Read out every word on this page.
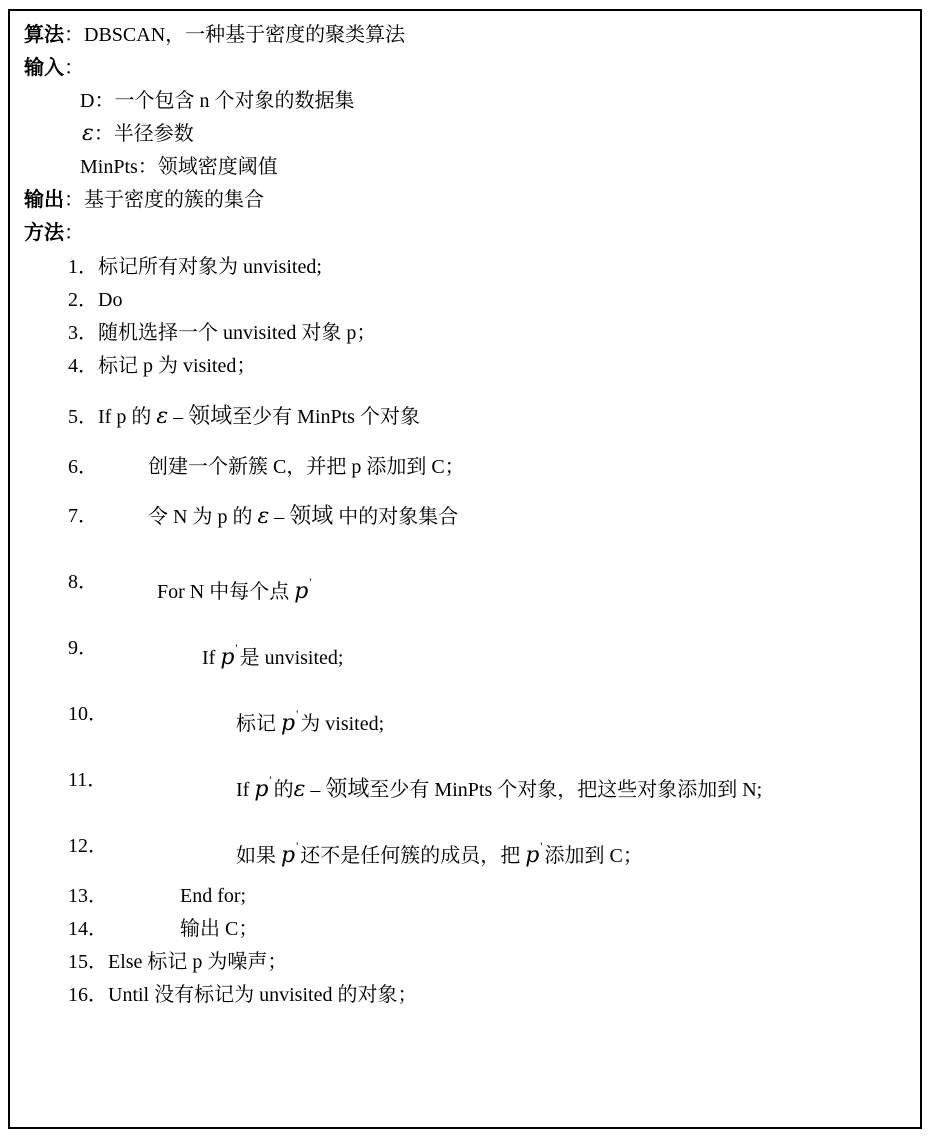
算法：DBSCAN，一种基于密度的聚类算法
输入：
D：一个包含 n 个对象的数据集
ε：半径参数
MinPts：领域密度阈值
输出：基于密度的簇的集合
方法：
1．标记所有对象为 unvisited;
2．Do
3．随机选择一个 unvisited 对象 p；
4．标记 p 为 visited；
5．If p 的 ε – 领域至少有 MinPts 个对象
6．	创建一个新簇 C，并把 p 添加到 C；
7．	令 N 为 p 的 ε – 领域 中的对象集合
8．	For N 中每个点 p'
9．	If p' 是 unvisited;
10．	标记 p' 为 visited;
11．	If p' 的ε – 领域至少有 MinPts 个对象，把这些对象添加到 N;
12．	如果 p' 还不是任何簇的成员，把 p' 添加到 C；
13．	End for;
14．	输出 C；
15．Else 标记 p 为噪声；
16．Until 没有标记为 unvisited 的对象；
